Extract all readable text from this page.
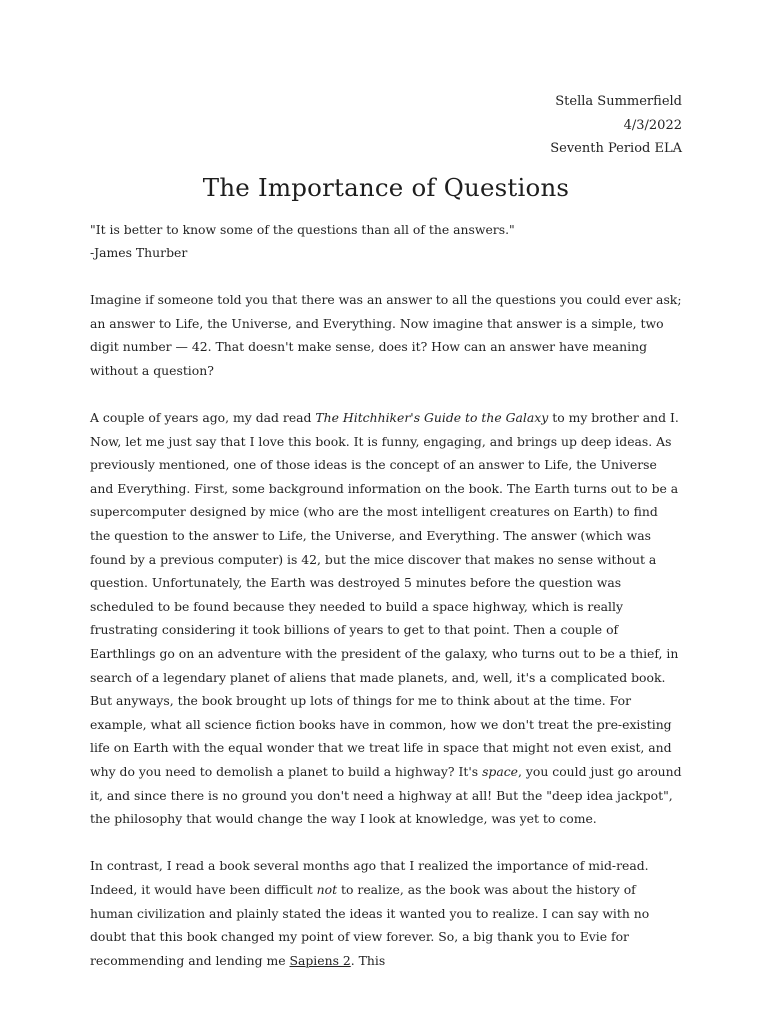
Stella Summerfield
4/3/2022
Seventh Period ELA
The Importance of Questions
"It is better to know some of the questions than all of the answers."
-James Thurber

Imagine if someone told you that there was an answer to all the questions you could ever ask; an answer to Life, the Universe, and Everything. Now imagine that answer is a simple, two digit number — 42. That doesn't make sense, does it? How can an answer have meaning without a question?

A couple of years ago, my dad read The Hitchhiker's Guide to the Galaxy to my brother and I. Now, let me just say that I love this book. It is funny, engaging, and brings up deep ideas. As previously mentioned, one of those ideas is the concept of an answer to Life, the Universe and Everything. First, some background information on the book. The Earth turns out to be a supercomputer designed by mice (who are the most intelligent creatures on Earth) to find the question to the answer to Life, the Universe, and Everything. The answer (which was found by a previous computer) is 42, but the mice discover that makes no sense without a question. Unfortunately, the Earth was destroyed 5 minutes before the question was scheduled to be found because they needed to build a space highway, which is really frustrating considering it took billions of years to get to that point. Then a couple of Earthlings go on an adventure with the president of the galaxy, who turns out to be a thief, in search of a legendary planet of aliens that made planets, and, well, it's a complicated book. But anyways, the book brought up lots of things for me to think about at the time. For example, what all science fiction books have in common, how we don't treat the pre-existing life on Earth with the equal wonder that we treat life in space that might not even exist, and why do you need to demolish a planet to build a highway? It's space, you could just go around it, and since there is no ground you don't need a highway at all! But the "deep idea jackpot", the philosophy that would change the way I look at knowledge, was yet to come.

In contrast, I read a book several months ago that I realized the importance of mid-read. Indeed, it would have been difficult not to realize, as the book was about the history of human civilization and plainly stated the ideas it wanted you to realize. I can say with no doubt that this book changed my point of view forever. So, a big thank you to Evie for recommending and lending me Sapiens 2. This
